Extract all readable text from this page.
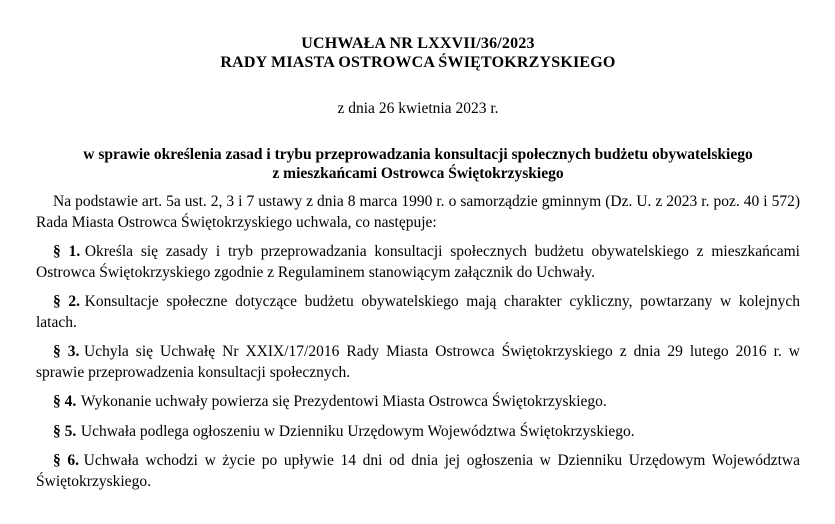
UCHWAŁA NR LXXVII/36/2023
RADY MIASTA OSTROWCA ŚWIĘTOKRZYSKIEGO
z dnia 26 kwietnia 2023 r.
w sprawie określenia zasad i trybu przeprowadzania konsultacji społecznych budżetu obywatelskiego
z mieszkańcami Ostrowca Świętokrzyskiego

Na podstawie art. 5a ust. 2, 3 i 7 ustawy z dnia 8 marca 1990 r. o samorządzie gminnym (Dz. U. z 2023 r. poz. 40 i 572) Rada Miasta Ostrowca Świętokrzyskiego uchwala, co następuje:

§ 1. Określa się zasady i tryb przeprowadzania konsultacji społecznych budżetu obywatelskiego z mieszkańcami Ostrowca Świętokrzyskiego zgodnie z Regulaminem stanowiącym załącznik do Uchwały.

§ 2. Konsultacje społeczne dotyczące budżetu obywatelskiego mają charakter cykliczny, powtarzany w kolejnych latach.

§ 3. Uchyla się Uchwałę Nr XXIX/17/2016 Rady Miasta Ostrowca Świętokrzyskiego z dnia 29 lutego 2016 r. w sprawie przeprowadzenia konsultacji społecznych.

§ 4. Wykonanie uchwały powierza się Prezydentowi Miasta Ostrowca Świętokrzyskiego.

§ 5. Uchwała podlega ogłoszeniu w Dzienniku Urzędowym Województwa Świętokrzyskiego.

§ 6. Uchwała wchodzi w życie po upływie 14 dni od dnia jej ogłoszenia w Dzienniku Urzędowym Województwa Świętokrzyskiego.
